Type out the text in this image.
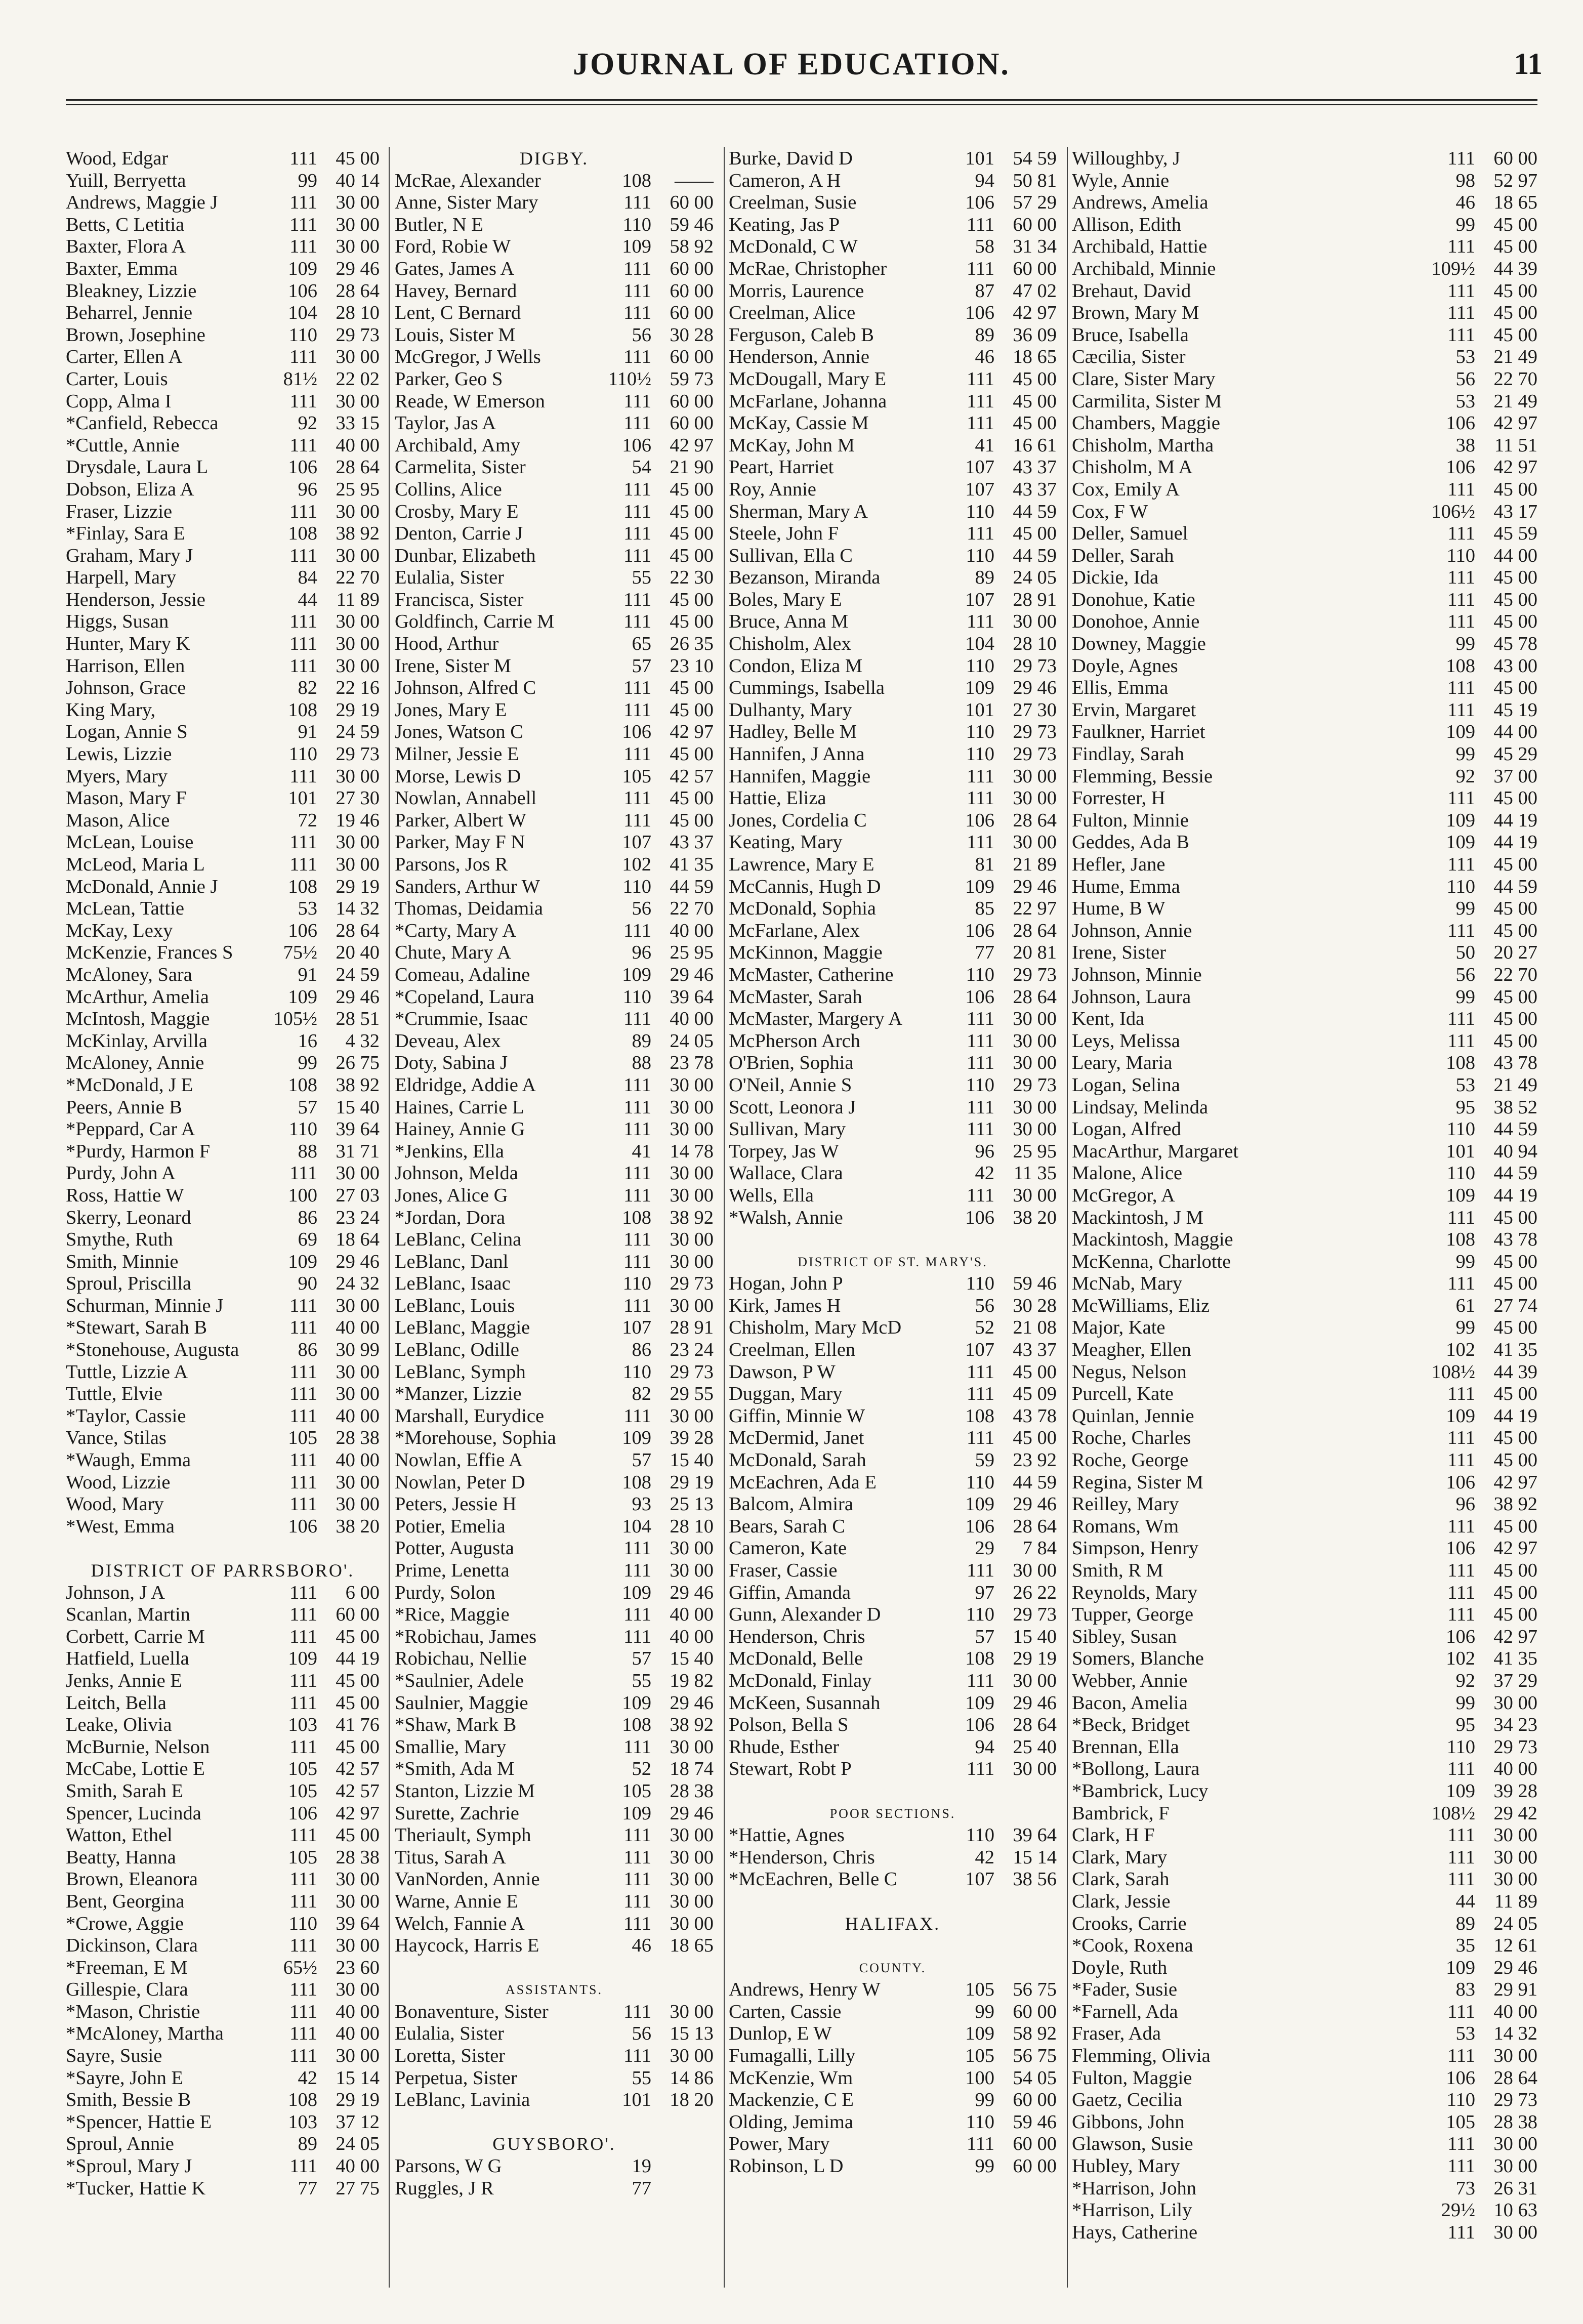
JOURNAL OF EDUCATION.	11
Wood, Edgar	111 45 00
Yuill, Berryetta	99 40 14
Andrews, Maggie J	111 30 00
Betts, C Letitia	111 30 00
Baxter, Flora A	111 30 00
Baxter, Emma	109 29 46
Bleakney, Lizzie	106 28 64
Beharrel, Jennie	104 28 10
Brown, Josephine	110 29 73
Carter, Ellen A	111 30 00
Carter, Louis	81½ 22 02
Copp, Alma I	111 30 00
*Canfield, Rebecca	92 33 15
*Cuttle, Annie	111 40 00
Drysdale, Laura L	106 28 64
Dobson, Eliza A	96 25 95
Fraser, Lizzie	111 30 00
*Finlay, Sara E	108 38 92
Graham, Mary J	111 30 00
Harpell, Mary	84 22 70
Henderson, Jessie	44 11 89
Higgs, Susan	111 30 00
Hunter, Mary K	111 30 00
Harrison, Ellen	111 30 00
Johnson, Grace	82 22 16
King Mary,	108 29 19
Logan, Annie S	91 24 59
Lewis, Lizzie	110 29 73
Myers, Mary	111 30 00
Mason, Mary F	101 27 30
Mason, Alice	72 19 46
McLean, Louise	111 30 00
McLeod, Maria L	111 30 00
McDonald, Annie J	108 29 19
McLean, Tattie	53 14 32
McKay, Lexy	106 28 64
McKenzie, Frances S	75½ 20 40
McAloney, Sara	91 24 59
McArthur, Amelia	109 29 46
McIntosh, Maggie	105½ 28 51
McKinlay, Arvilla	16	4 32
McAloney, Annie	99 26 75
*McDonald, J E	108 38 92
Peers, Annie B	57 15 40
*Peppard, Car A	110 39 64
*Purdy, Harmon F	88 31 71
Purdy, John A	111 30 00
Ross, Hattie W	100 27 03
Skerry, Leonard	86 23 24
Smythe, Ruth	69 18 64
Smith, Minnie	109 29 46
Sproul, Priscilla	90 24 32
Schurman, Minnie J	111 30 00
*Stewart, Sarah B	111 40 00
*Stonehouse, Augusta	86 30 99
Tuttle, Lizzie A	111 30 00
Tuttle, Elvie	111 30 00
*Taylor, Cassie	111 40 00
Vance, Stilas	105 28 38
*Waugh, Emma	111 40 00
Wood, Lizzie	111 30 00
Wood, Mary	111 30 00
*West, Emma	106 38 20
DISTRICT OF PARRSBORO'.
Johnson, J A	111	6 00
Scanlan, Martin	111 60 00
Corbett, Carrie M	111 45 00
Hatfield, Luella	109 44 19
Jenks, Annie E	111 45 00
Leitch, Bella	111 45 00
Leake, Olivia	103 41 76
McBurnie, Nelson	111 45 00
McCabe, Lottie E	105 42 57
Smith, Sarah E	105 42 57
Spencer, Lucinda	106 42 97
Watton, Ethel	111 45 00
Beatty, Hanna	105 28 38
Brown, Eleanora	111 30 00
Bent, Georgina	111 30 00
*Crowe, Aggie	110 39 64
Dickinson, Clara	111 30 00
*Freeman, E M	65½ 23 60
Gillespie, Clara	111 30 00
*Mason, Christie	111 40 00
*McAloney, Martha	111 40 00
Sayre, Susie	111 30 00
*Sayre, John E	42 15 14
Smith, Bessie B	108 29 19
*Spencer, Hattie E	103 37 12
Sproul, Annie	89 24 05
*Sproul, Mary J	111 40 00
*Tucker, Hattie K	77 27 75
DIGBY.
McRae, Alexander	108	——
Anne, Sister Mary	111 60 00
Butler, N E	110 59 46
Ford, Robie W	109 58 92
Gates, James A	111 60 00
Havey, Bernard	111 60 00
Lent, C Bernard	111 60 00
Louis, Sister M	56 30 28
McGregor, J Wells	111 60 00
Parker, Geo S	110½ 59 73
Reade, W Emerson	111 60 00
Taylor, Jas A	111 60 00
Archibald, Amy	106 42 97
Carmelita, Sister	54 21 90
Collins, Alice	111 45 00
Crosby, Mary E	111 45 00
Denton, Carrie J	111 45 00
Dunbar, Elizabeth	111 45 00
Eulalia, Sister	55 22 30
Francisca, Sister	111 45 00
Goldfinch, Carrie M	111 45 00
Hood, Arthur	65 26 35
Irene, Sister M	57 23 10
Johnson, Alfred C	111 45 00
Jones, Mary E	111 45 00
Jones, Watson C	106 42 97
Milner, Jessie E	111 45 00
Morse, Lewis D	105 42 57
Nowlan, Annabell	111 45 00
Parker, Albert W	111 45 00
Parker, May F N	107 43 37
Parsons, Jos R	102 41 35
Sanders, Arthur W	110 44 59
Thomas, Deidamia	56 22 70
*Carty, Mary A	111 40 00
Chute, Mary A	96 25 95
Comeau, Adaline	109 29 46
*Copeland, Laura	110 39 64
*Crummie, Isaac	111 40 00
Deveau, Alex	89 24 05
Doty, Sabina J	88 23 78
Eldridge, Addie A	111 30 00
Haines, Carrie L	111 30 00
Hainey, Annie G	111 30 00
*Jenkins, Ella	41 14 78
Johnson, Melda	111 30 00
Jones, Alice G	111 30 00
*Jordan, Dora	108 38 92
LeBlanc, Celina	111 30 00
LeBlanc, Danl	111 30 00
LeBlanc, Isaac	110 29 73
LeBlanc, Louis	111 30 00
LeBlanc, Maggie	107 28 91
LeBlanc, Odille	86 23 24
LeBlanc, Symph	110 29 73
*Manzer, Lizzie	82 29 55
Marshall, Eurydice	111 30 00
*Morehouse, Sophia	109 39 28
Nowlan, Effie A	57 15 40
Nowlan, Peter D	108 29 19
Peters, Jessie H	93 25 13
Potier, Emelia	104 28 10
Potter, Augusta	111 30 00
Prime, Lenetta	111 30 00
Purdy, Solon	109 29 46
*Rice, Maggie	111 40 00
*Robichau, James	111 40 00
Robichau, Nellie	57 15 40
*Saulnier, Adele	55 19 82
Saulnier, Maggie	109 29 46
*Shaw, Mark B	108 38 92
Smallie, Mary	111 30 00
*Smith, Ada M	52 18 74
Stanton, Lizzie M	105 28 38
Surette, Zachrie	109 29 46
Theriault, Symph	111 30 00
Titus, Sarah A	111 30 00
VanNorden, Annie	111 30 00
Warne, Annie E	111 30 00
Welch, Fannie A	111 30 00
Haycock, Harris E	46 18 65
ASSISTANTS.
Bonaventure, Sister	111 30 00
Eulalia, Sister	56 15 13
Loretta, Sister	111 30 00
Perpetua, Sister	55 14 86
LeBlanc, Lavinia	101 18 20
GUYSBORO'.
Parsons, W G	19
Ruggles, J R	77
Burke, David D	101 54 59
Cameron, A H	94 50 81
Creelman, Susie	106 57 29
Keating, Jas P	111 60 00
McDonald, C W	58 31 34
McRae, Christopher	111 60 00
Morris, Laurence	87 47 02
Creelman, Alice	106 42 97
Ferguson, Caleb B	89 36 09
Henderson, Annie	46 18 65
McDougall, Mary E	111 45 00
McFarlane, Johanna	111 45 00
McKay, Cassie M	111 45 00
McKay, John M	41 16 61
Peart, Harriet	107 43 37
Roy, Annie	107 43 37
Sherman, Mary A	110 44 59
Steele, John F	111 45 00
Sullivan, Ella C	110 44 59
Bezanson, Miranda	89 24 05
Boles, Mary E	107 28 91
Bruce, Anna M	111 30 00
Chisholm, Alex	104 28 10
Condon, Eliza M	110 29 73
Cummings, Isabella	109 29 46
Dulhanty, Mary	101 27 30
Hadley, Belle M	110 29 73
Hannifen, J Anna	110 29 73
Hannifen, Maggie	111 30 00
Hattie, Eliza	111 30 00
Jones, Cordelia C	106 28 64
Keating, Mary	111 30 00
Lawrence, Mary E	81 21 89
McCannis, Hugh D	109 29 46
McDonald, Sophia	85 22 97
McFarlane, Alex	106 28 64
McKinnon, Maggie	77 20 81
McMaster, Catherine	110 29 73
McMaster, Sarah	106 28 64
McMaster, Margery A	111 30 00
McPherson Arch	111 30 00
O'Brien, Sophia	111 30 00
O'Neil, Annie S	110 29 73
Scott, Leonora J	111 30 00
Sullivan, Mary	111 30 00
Torpey, Jas W	96 25 95
Wallace, Clara	42 11 35
Wells, Ella	111 30 00
*Walsh, Annie	106 38 20
DISTRICT OF ST. MARY'S.
Hogan, John P	110 59 46
Kirk, James H	56 30 28
Chisholm, Mary McD	52 21 08
Creelman, Ellen	107 43 37
Dawson, P W	111 45 00
Duggan, Mary	111 45 09
Giffin, Minnie W	108 43 78
McDermid, Janet	111 45 00
McDonald, Sarah	59 23 92
McEachren, Ada E	110 44 59
Balcom, Almira	109 29 46
Bears, Sarah C	106 28 64
Cameron, Kate	29	7 84
Fraser, Cassie	111 30 00
Giffin, Amanda	97 26 22
Gunn, Alexander D	110 29 73
Henderson, Chris	57 15 40
McDonald, Belle	108 29 19
McDonald, Finlay	111 30 00
McKeen, Susannah	109 29 46
Polson, Bella S	106 28 64
Rhude, Esther	94 25 40
Stewart, Robt P	111 30 00
POOR SECTIONS.
*Hattie, Agnes	110 39 64
*Henderson, Chris	42 15 14
*McEachren, Belle C	107 38 56
HALIFAX.
COUNTY.
Andrews, Henry W	105 56 75
Carten, Cassie	99 60 00
Dunlop, E W	109 58 92
Fumagalli, Lilly	105 56 75
McKenzie, Wm	100 54 05
Mackenzie, C E	99 60 00
Olding, Jemima	110 59 46
Power, Mary	111 60 00
Robinson, L D	99 60 00
Willoughby, J	111 60 00
Wyle, Annie	98 52 97
Andrews, Amelia	46 18 65
Allison, Edith	99 45 00
Archibald, Hattie	111 45 00
Archibald, Minnie	109½ 44 39
Brehaut, David	111 45 00
Brown, Mary M	111 45 00
Bruce, Isabella	111 45 00
Cæcilia, Sister	53 21 49
Clare, Sister Mary	56 22 70
Carmilita, Sister M	53 21 49
Chambers, Maggie	106 42 97
Chisholm, Martha	38 11 51
Chisholm, M A	106 42 97
Cox, Emily A	111 45 00
Cox, F W	106½ 43 17
Deller, Samuel	111 45 59
Deller, Sarah	110 44 00
Dickie, Ida	111 45 00
Donohue, Katie	111 45 00
Donohoe, Annie	111 45 00
Downey, Maggie	99 45 78
Doyle, Agnes	108 43 00
Ellis, Emma	111 45 00
Ervin, Margaret	111 45 19
Faulkner, Harriet	109 44 00
Findlay, Sarah	99 45 29
Flemming, Bessie	92 37 00
Forrester, H	111 45 00
Fulton, Minnie	109 44 19
Geddes, Ada B	109 44 19
Hefler, Jane	111 45 00
Hume, Emma	110 44 59
Hume, B W	99 45 00
Johnson, Annie	111 45 00
Irene, Sister	50 20 27
Johnson, Minnie	56 22 70
Johnson, Laura	99 45 00
Kent, Ida	111 45 00
Leys, Melissa	111 45 00
Leary, Maria	108 43 78
Logan, Selina	53 21 49
Lindsay, Melinda	95 38 52
Logan, Alfred	110 44 59
MacArthur, Margaret	101 40 94
Malone, Alice	110 44 59
McGregor, A	109 44 19
Mackintosh, J M	111 45 00
Mackintosh, Maggie	108 43 78
McKenna, Charlotte	99 45 00
McNab, Mary	111 45 00
McWilliams, Eliz	61 27 74
Major, Kate	99 45 00
Meagher, Ellen	102 41 35
Negus, Nelson	108½ 44 39
Purcell, Kate	111 45 00
Quinlan, Jennie	109 44 19
Roche, Charles	111 45 00
Roche, George	111 45 00
Regina, Sister M	106 42 97
Reilley, Mary	96 38 92
Romans, Wm	111 45 00
Simpson, Henry	106 42 97
Smith, R M	111 45 00
Reynolds, Mary	111 45 00
Tupper, George	111 45 00
Sibley, Susan	106 42 97
Somers, Blanche	102 41 35
Webber, Annie	92 37 29
Bacon, Amelia	99 30 00
*Beck, Bridget	95 34 23
Brennan, Ella	110 29 73
*Bollong, Laura	111 40 00
*Bambrick, Lucy	109 39 28
Bambrick, F	108½ 29 42
Clark, H F	111 30 00
Clark, Mary	111 30 00
Clark, Sarah	111 30 00
Clark, Jessie	44 11 89
Crooks, Carrie	89 24 05
*Cook, Roxena	35 12 61
Doyle, Ruth	109 29 46
*Fader, Susie	83 29 91
*Farnell, Ada	111 40 00
Fraser, Ada	53 14 32
Flemming, Olivia	111 30 00
Fulton, Maggie	106 28 64
Gaetz, Cecilia	110 29 73
Gibbons, John	105 28 38
Glawson, Susie	111 30 00
Hubley, Mary	111 30 00
*Harrison, John	73 26 31
*Harrison, Lily	29½ 10 63
Hays, Catherine	111 30 00
